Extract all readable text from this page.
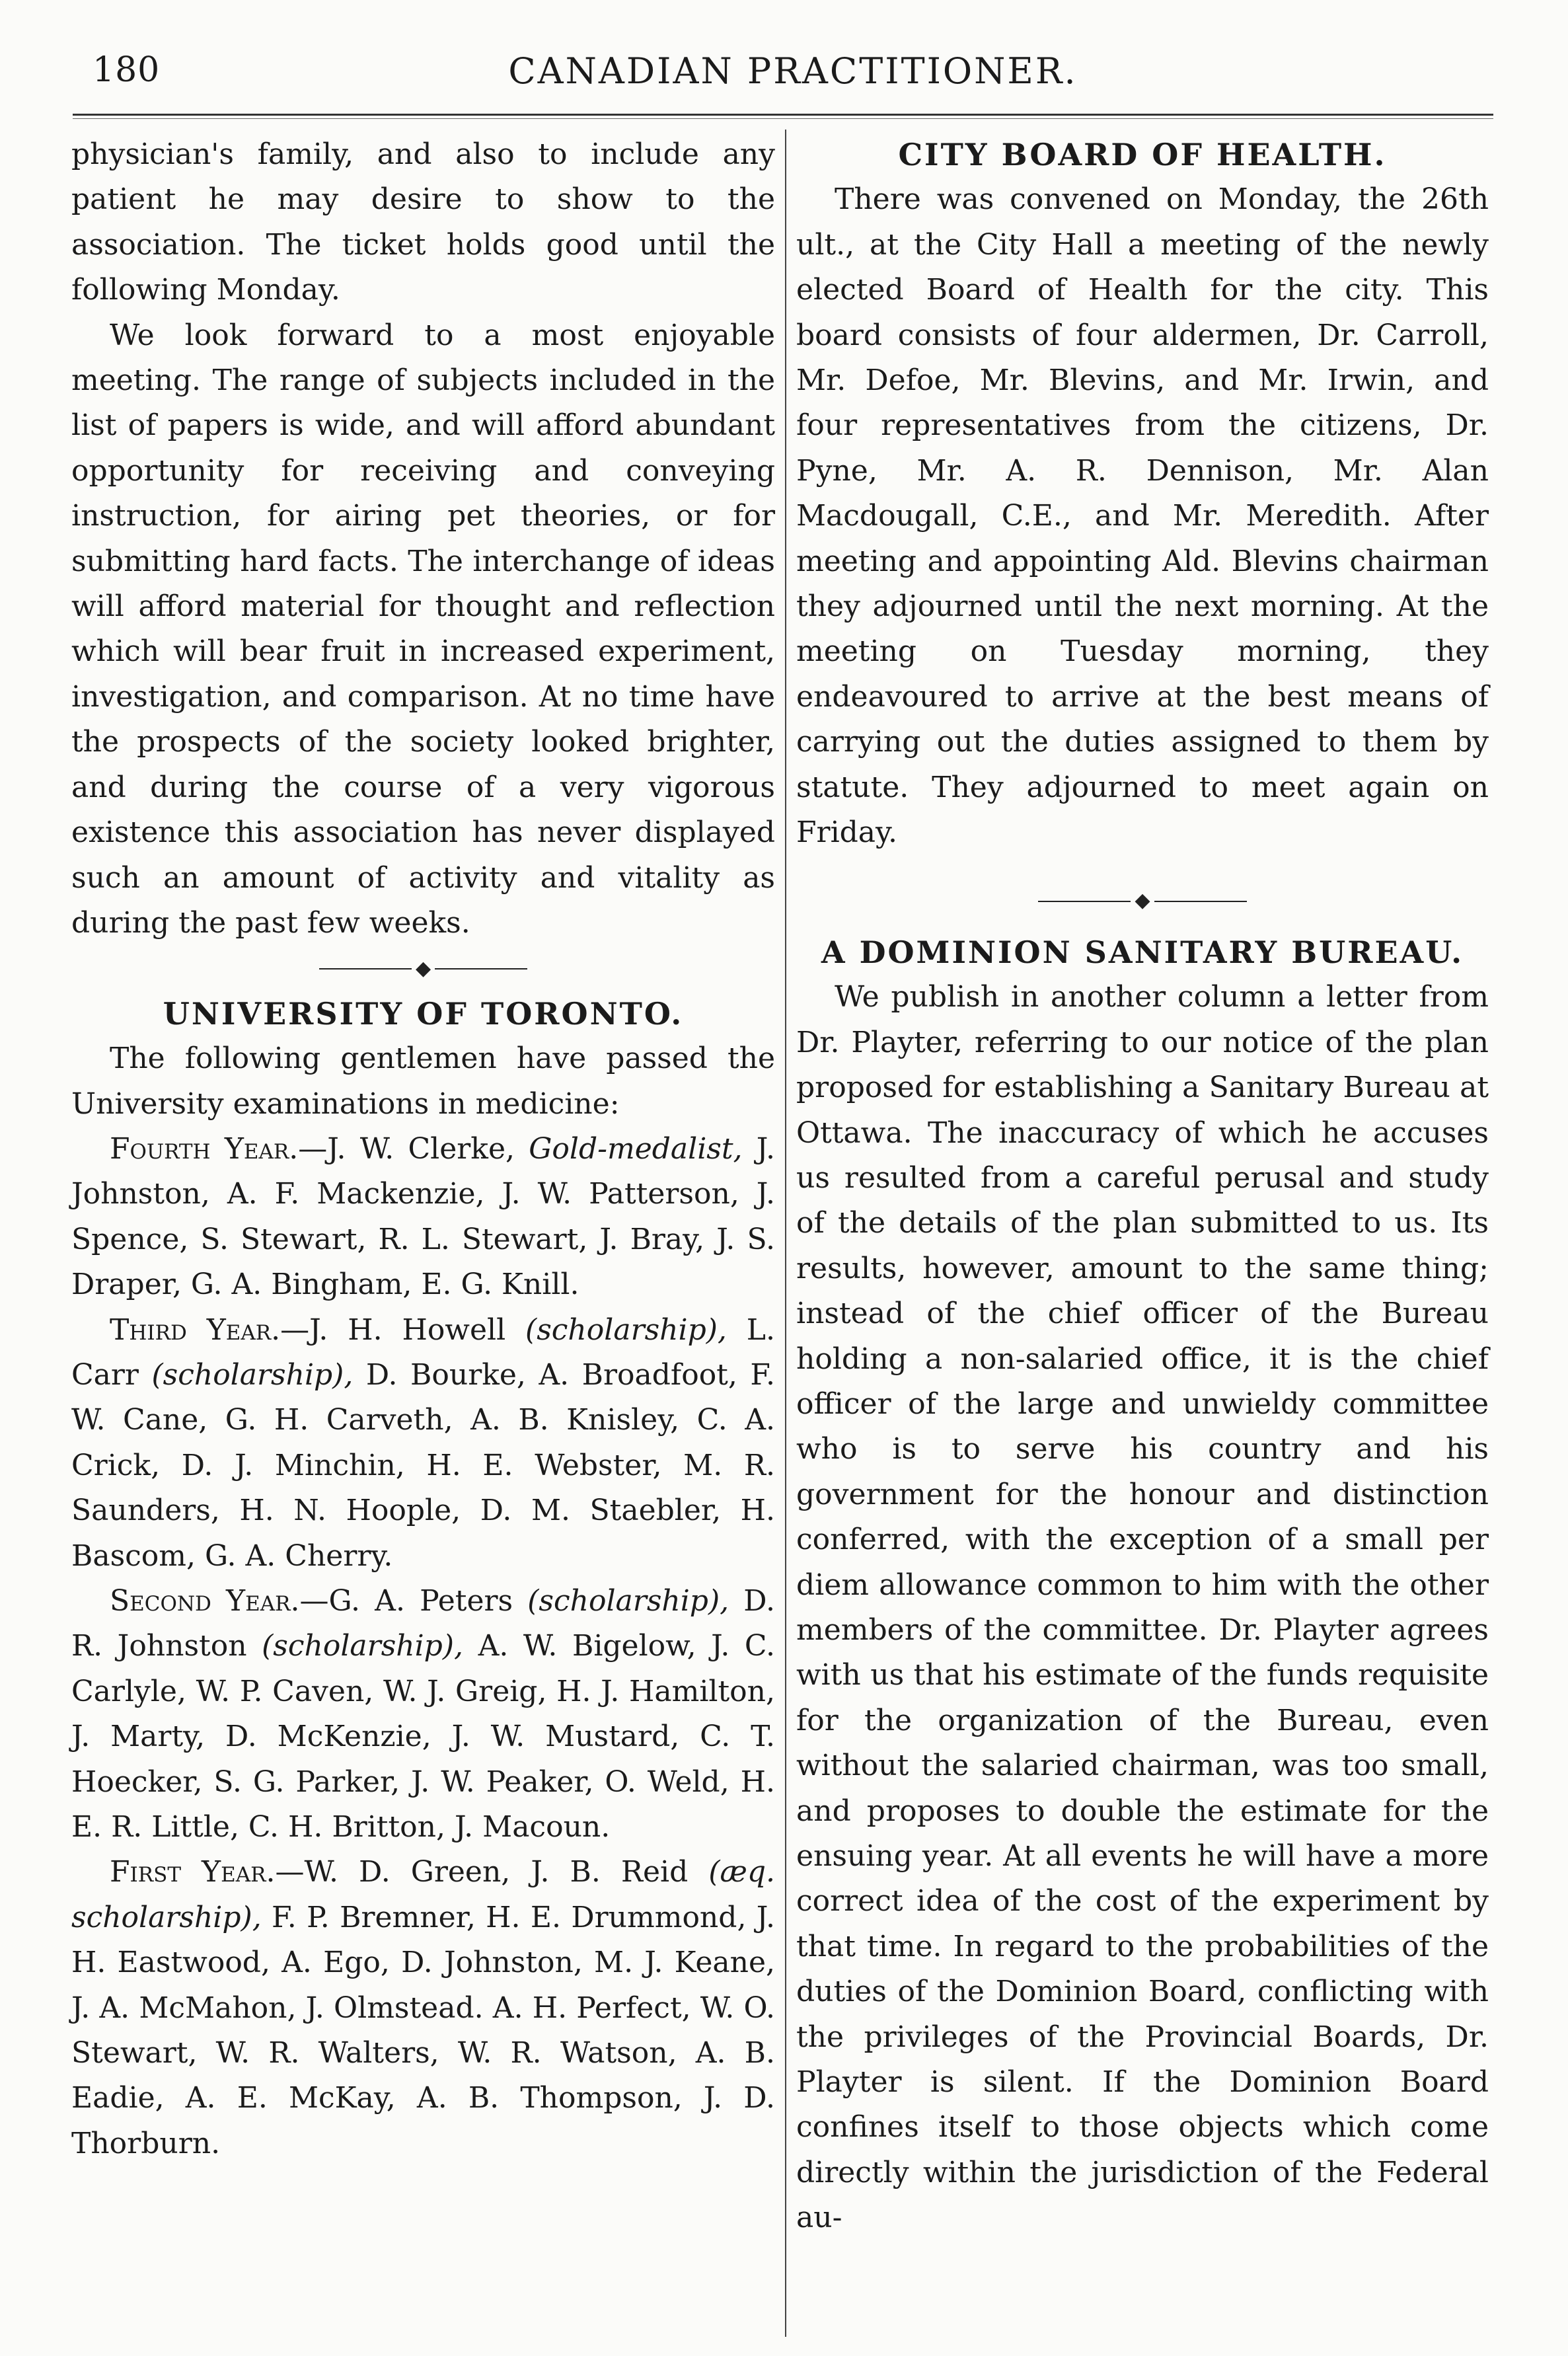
180	CANADIAN PRACTITIONER.

physician's family, and also to include any patient he may desire to show to the association. The ticket holds good until the following Monday.

We look forward to a most enjoyable meeting. The range of subjects included in the list of papers is wide, and will afford abundant opportunity for receiving and conveying instruction, for airing pet theories, or for submitting hard facts. The interchange of ideas will afford material for thought and reflection which will bear fruit in increased experiment, investigation, and comparison. At no time have the prospects of the society looked brighter, and during the course of a very vigorous existence this association has never displayed such an amount of activity and vitality as during the past few weeks.

◆
UNIVERSITY OF TORONTO.

The following gentlemen have passed the University examinations in medicine:

Fourth Year.—J. W. Clerke, Gold-medalist, J. Johnston, A. F. Mackenzie, J. W. Patterson, J. Spence, S. Stewart, R. L. Stewart, J. Bray, J. S. Draper, G. A. Bingham, E. G. Knill.

Third Year.—J. H. Howell (scholarship), L. Carr (scholarship), D. Bourke, A. Broadfoot, F. W. Cane, G. H. Carveth, A. B. Knisley, C. A. Crick, D. J. Minchin, H. E. Webster, M. R. Saunders, H. N. Hoople, D. M. Staebler, H. Bascom, G. A. Cherry.

Second Year.—G. A. Peters (scholarship), D. R. Johnston (scholarship), A. W. Bigelow, J. C. Carlyle, W. P. Caven, W. J. Greig, H. J. Hamilton, J. Marty, D. McKenzie, J. W. Mustard, C. T. Hoecker, S. G. Parker, J. W. Peaker, O. Weld, H. E. R. Little, C. H. Britton, J. Macoun.

First Year.—W. D. Green, J. B. Reid (æq. scholarship), F. P. Bremner, H. E. Drummond, J. H. Eastwood, A. Ego, D. Johnston, M. J. Keane, J. A. McMahon, J. Olmstead. A. H. Perfect, W. O. Stewart, W. R. Walters, W. R. Watson, A. B. Eadie, A. E. McKay, A. B. Thompson, J. D. Thorburn.

CITY BOARD OF HEALTH.

There was convened on Monday, the 26th ult., at the City Hall a meeting of the newly elected Board of Health for the city. This board consists of four aldermen, Dr. Carroll, Mr. Defoe, Mr. Blevins, and Mr. Irwin, and four representatives from the citizens, Dr. Pyne, Mr. A. R. Dennison, Mr. Alan Macdougall, C.E., and Mr. Meredith. After meeting and appointing Ald. Blevins chairman they adjourned until the next morning. At the meeting on Tuesday morning, they endeavoured to arrive at the best means of carrying out the duties assigned to them by statute. They adjourned to meet again on Friday.

◆
A DOMINION SANITARY BUREAU.

We publish in another column a letter from Dr. Playter, referring to our notice of the plan proposed for establishing a Sanitary Bureau at Ottawa. The inaccuracy of which he accuses us resulted from a careful perusal and study of the details of the plan submitted to us. Its results, however, amount to the same thing; instead of the chief officer of the Bureau holding a non-salaried office, it is the chief officer of the large and unwieldy committee who is to serve his country and his government for the honour and distinction conferred, with the exception of a small per diem allowance common to him with the other members of the committee. Dr. Playter agrees with us that his estimate of the funds requisite for the organization of the Bureau, even without the salaried chairman, was too small, and proposes to double the estimate for the ensuing year. At all events he will have a more correct idea of the cost of the experiment by that time. In regard to the probabilities of the duties of the Dominion Board, conflicting with the privileges of the Provincial Boards, Dr. Playter is silent. If the Dominion Board confines itself to those objects which come directly within the jurisdiction of the Federal au-
